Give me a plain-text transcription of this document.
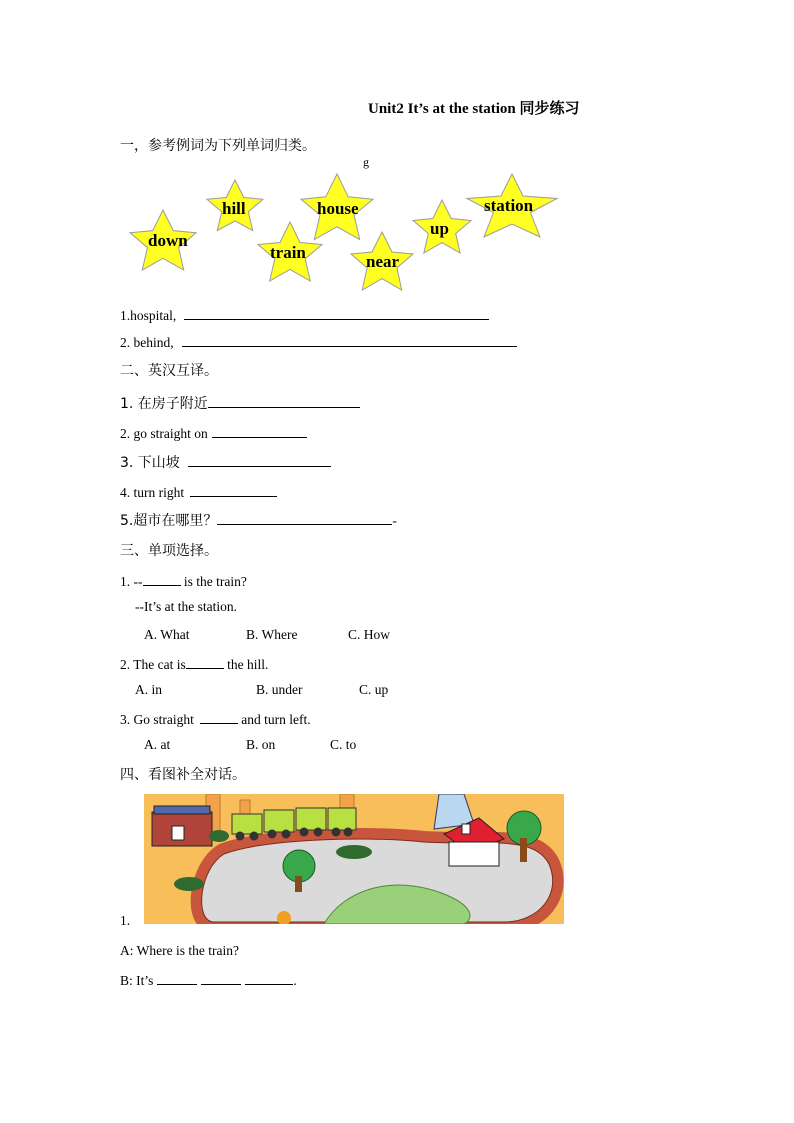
Unit2 It’s at the station 同步练习
一，参考例词为下列单词归类。
g
down
hill
train
house
near
up
station
1.hospital,
2. behind,
二、英汉互译。
1. 在房子附近
2. go straight on
3. 下山坡
4. turn right
5.超市在哪里？	-
三、单项选择。
1. --	is the train?
--It’s at the station.
A. What	B. Where	C. How
2. The cat is	the hill.
A. in	B. under	C. up
3. Go straight	and turn left.
A. at	B. on	C. to
四、看图补全对话。
1.
A: Where is the train?
B: It’s	.
